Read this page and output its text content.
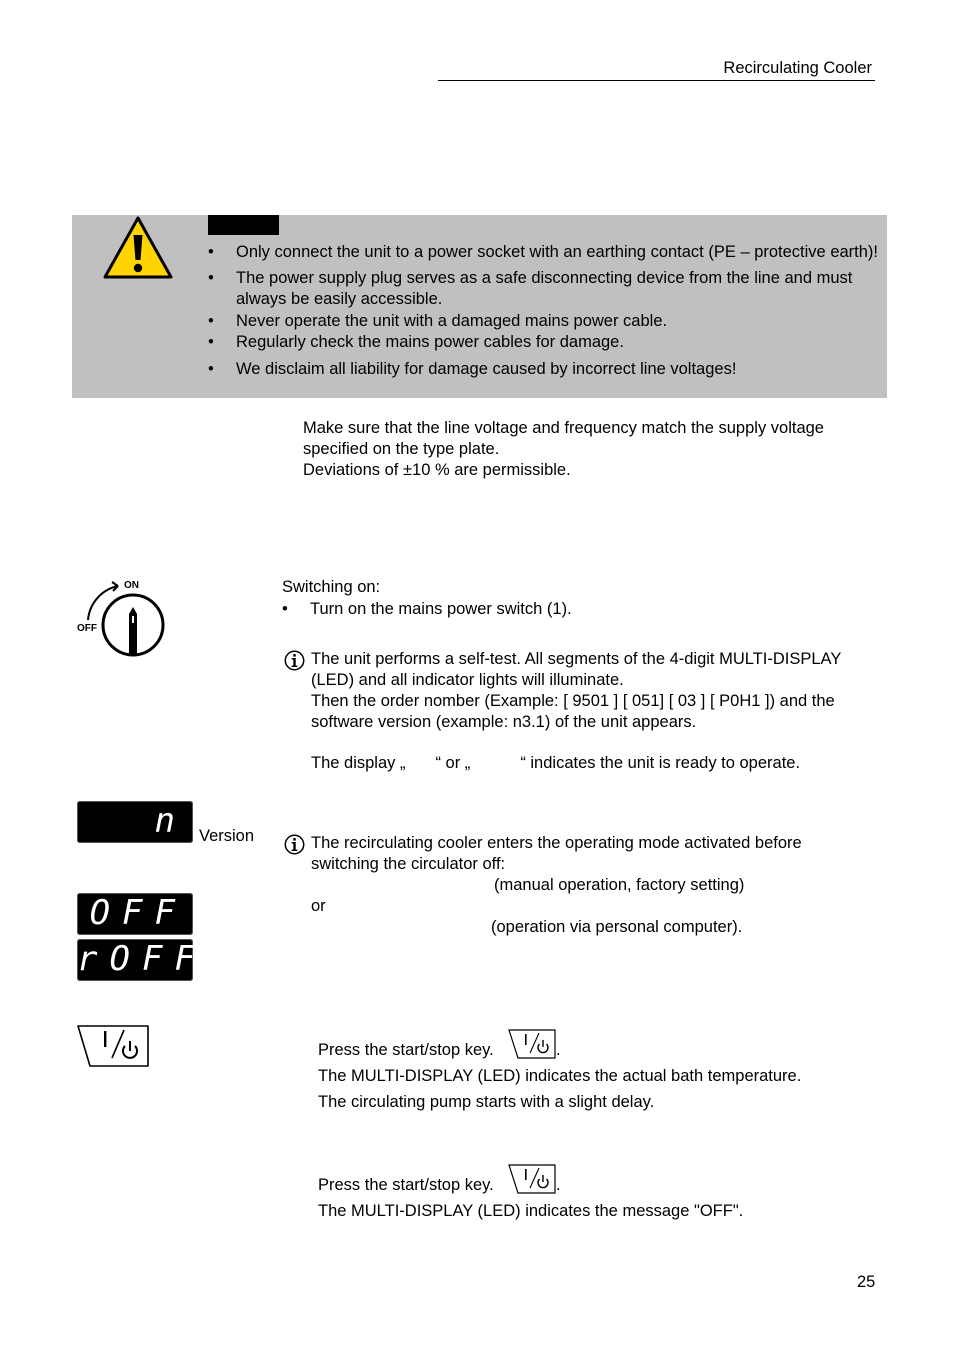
Recirculating Cooler
• Only connect the unit to a power socket with an earthing contact (PE – protective earth)!
• The power supply plug serves as a safe disconnecting device from the line and must always be easily accessible.
• Never operate the unit with a damaged mains power cable.
• Regularly check the mains power cables for damage.
• We disclaim all liability for damage caused by incorrect line voltages!
Make sure that the line voltage and frequency match the supply voltage specified on the type plate.
Deviations of ±10 % are permissible.
ON
OFF
Switching on:
• Turn on the mains power switch (1).
The unit performs a self-test. All segments of the 4-digit MULTI-DISPLAY (LED) and all indicator lights will illuminate.
Then the order nomber (Example: [ 9501 ] [ 051] [ 03 ] [ P0H1 ]) and the software version (example: n3.1) of the unit appears.
The display „ “ or „	“ indicates the unit is ready to operate.
n 3.1
Version	The recirculating cooler enters the operating mode activated before switching the circulator off:
(manual operation, factory setting)
or
(operation via personal computer).
OFF
rOFF
Press the start/stop key.	.
The MULTI-DISPLAY (LED) indicates the actual bath temperature.
The circulating pump starts with a slight delay.
Press the start/stop key.	.
The MULTI-DISPLAY (LED) indicates the message "OFF".
25
